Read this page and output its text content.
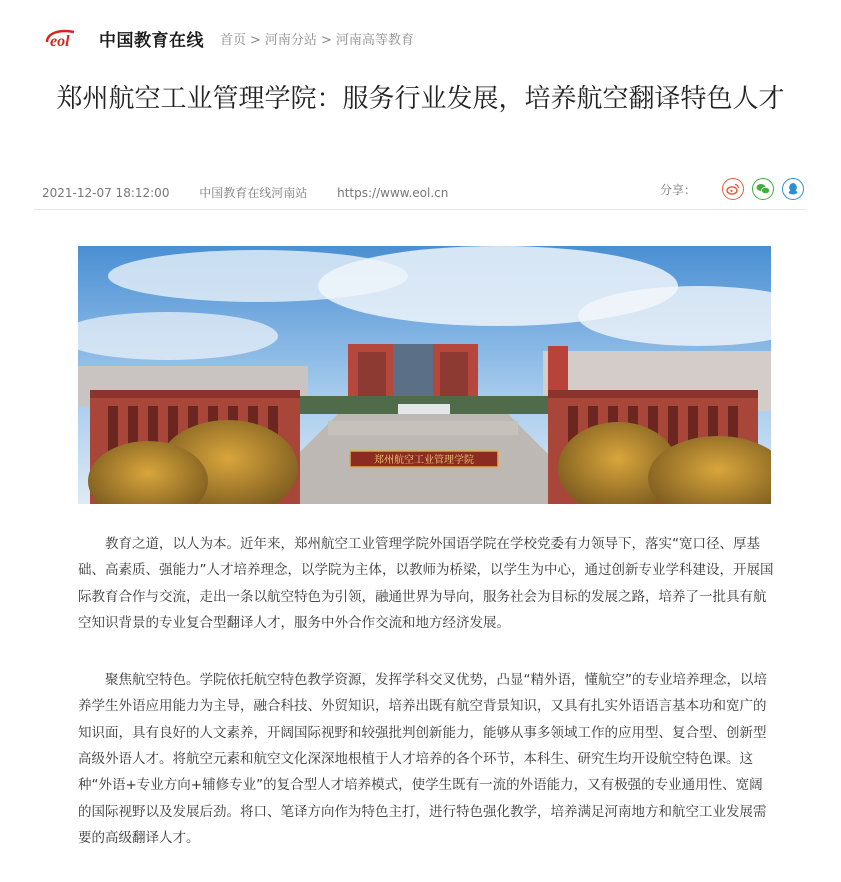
eol 中国教育在线 首页 > 河南分站 > 河南高等教育
郑州航空工业管理学院：服务行业发展，培养航空翻译特色人才
2021-12-07 18:12:00 中国教育在线河南站 https://www.eol.cn	分享：
郑州航空工业管理学院

教育之道，以人为本。近年来，郑州航空工业管理学院外国语学院在学校党委有力领导下，落实“宽口径、厚基础、高素质、强能力”人才培养理念，以学院为主体，以教师为桥梁，以学生为中心，通过创新专业学科建设，开展国际教育合作与交流，走出一条以航空特色为引领，融通世界为导向，服务社会为目标的发展之路，培养了一批具有航空知识背景的专业复合型翻译人才，服务中外合作交流和地方经济发展。

聚焦航空特色。学院依托航空特色教学资源，发挥学科交叉优势，凸显“精外语，懂航空”的专业培养理念，以培养学生外语应用能力为主导，融合科技、外贸知识，培养出既有航空背景知识，又具有扎实外语语言基本功和宽广的知识面，具有良好的人文素养，开阔国际视野和较强批判创新能力，能够从事多领域工作的应用型、复合型、创新型高级外语人才。将航空元素和航空文化深深地根植于人才培养的各个环节，本科生、研究生均开设航空特色课。这种“外语+专业方向+辅修专业”的复合型人才培养模式，使学生既有一流的外语能力，又有极强的专业通用性、宽阔的国际视野以及发展后劲。将口、笔译方向作为特色主打，进行特色强化教学，培养满足河南地方和航空工业发展需要的高级翻译人才。
